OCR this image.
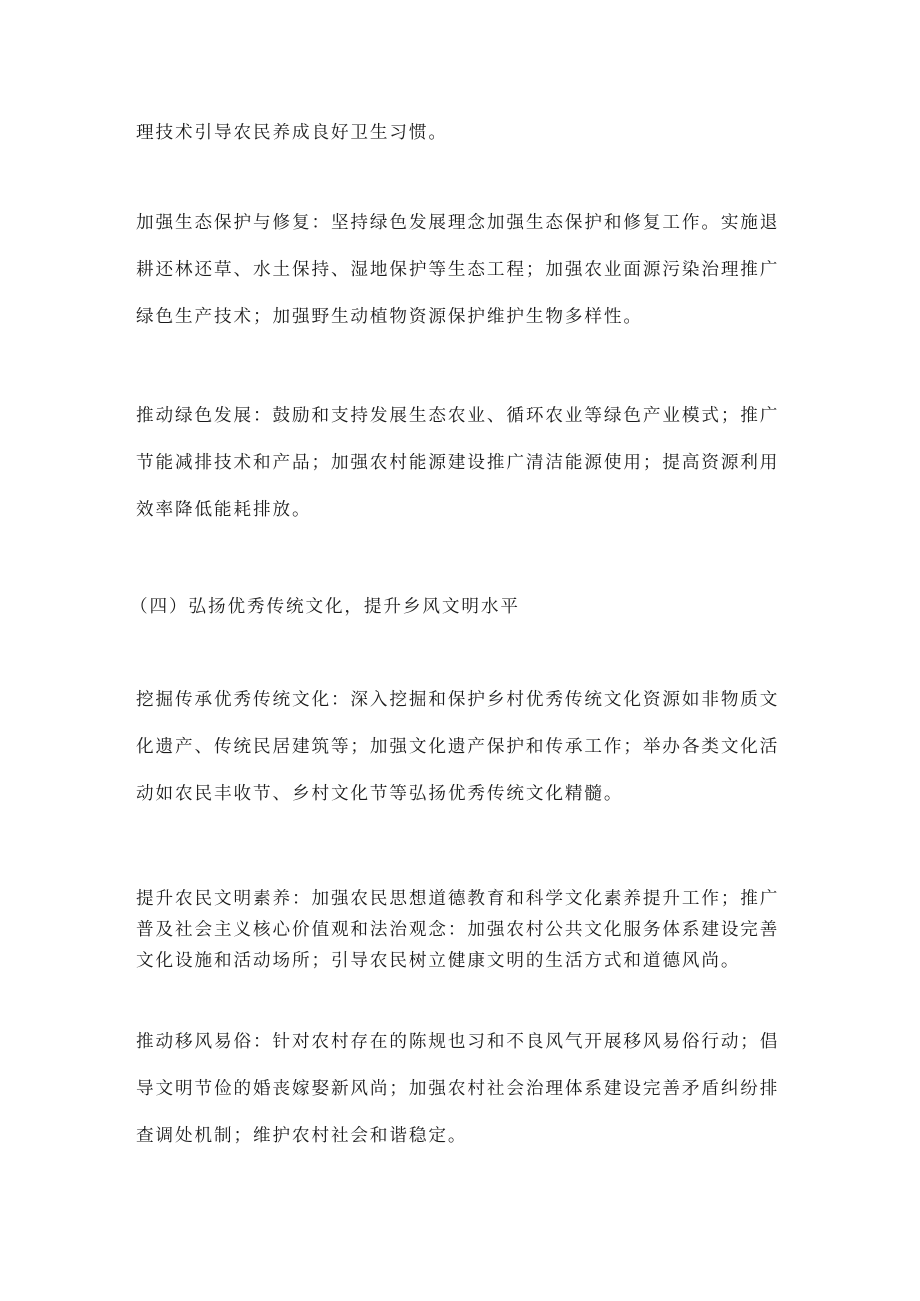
理技术引导农民养成良好卫生习惯。

加强生态保护与修复：坚持绿色发展理念加强生态保护和修复工作。实施退
耕还林还草、水土保持、湿地保护等生态工程；加强农业面源污染治理推广
绿色生产技术；加强野生动植物资源保护维护生物多样性。

推动绿色发展：鼓励和支持发展生态农业、循环农业等绿色产业模式；推广
节能减排技术和产品；加强农村能源建设推广清洁能源使用；提高资源利用
效率降低能耗排放。

（四）弘扬优秀传统文化，提升乡风文明水平

挖掘传承优秀传统文化：深入挖掘和保护乡村优秀传统文化资源如非物质文
化遗产、传统民居建筑等；加强文化遗产保护和传承工作；举办各类文化活
动如农民丰收节、乡村文化节等弘扬优秀传统文化精髓。

提升农民文明素养：加强农民思想道德教育和科学文化素养提升工作；推广
普及社会主义核心价值观和法治观念：加强农村公共文化服务体系建设完善
文化设施和活动场所；引导农民树立健康文明的生活方式和道德风尚。

推动移风易俗：针对农村存在的陈规也习和不良风气开展移风易俗行动；倡
导文明节俭的婚丧嫁娶新风尚；加强农村社会治理体系建设完善矛盾纠纷排
查调处机制；维护农村社会和谐稳定。
